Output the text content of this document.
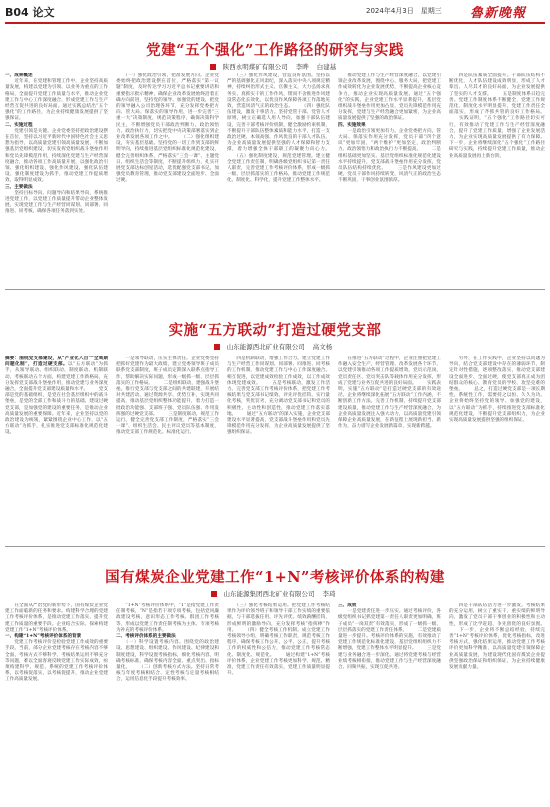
B04 论文	2024年4月3日　星期三 魯新晚報
党建“五个强化”工作路径的研究与实践
陕西永明煤矿有限公司 李晔 白建基
一、成果概述
　　近年来，在党建和管理工作中，企业坚持高质量发展，构建以党建为引领、以业务为重点的工作格局，全面提升党建工作质量与水平，推动企业党建工作与中心工作深度融合，形成党建工作与生产经营互促共进的良好局面。通过实践总结出“五个强化”的工作路径，为企业持续健康发展提供了坚强保证。
二、实施过程
　　党建引领是关键。企业党委坚持把政治建设摆在首位，坚持以习近平新时代中国特色社会主义思想为指导，以高质量党建引领高质量发展，不断加强基层党组织建设，切实发挥党组织战斗堡垒作用和党员先锋模范作用，持续深化党建与生产经营深度融合，推动各项工作高质量开展，以强化政治引领、强化组织建设、强化作风建设、强化队伍建设、强化制度建设为抓手，推动党建工作提质增效，取得明显成效。
三、主要做法
　　坚持目标导向、问题导向和结果导向，系统推进党建工作，以党建工作质量提升带动企业整体发展，实现党建工作与生产经营同谋划、同部署、同推进、同考核，确保各项任务落到实处。
　　（一）强化政治引领，把准发展方向。企业党委始终把政治建设摆在首位，严格落实“第一议题”制度，及时传达学习习近平总书记重要讲话和重要指示批示精神，确保企业改革发展始终沿着正确方向前进，坚持党的领导、加强党的建设，把党的领导融入公司治理各环节，充分发挥党委把方向、管大局、保落实的领导作用，进一步完善“三重一大”决策制度，规范决策程序，确保决策科学民主，不断增强党员干部政治判断力、政治领悟力、政治执行力，切实把党中央决策部署落实到企业改革发展各项工作之中。 　　（二）强化组织建设，夯实基层基础。坚持党的一切工作到支部的鲜明导向，持续推进基层党组织标准化规范化建设，健全完善组织体系，严格落实“三会一课”、主题党日、组织生活会等制度，不断提升组织力，扎实开展党支部达标创星活动，选优配强党支部书记，加强党员教育管理，推动党支部建设全面进步、全面过硬。
　　（三）强化作风建设，营造良好氛围。坚持以严的基调强化正风肃纪，深入落实中央八项规定精神，持续纠治形式主义、官僚主义，大力弘扬求真务实、真抓实干的工作作风，锲而不舍推进作风建设常态化长效化，以优良作风保障各项工作落地见效，营造风清气正的政治生态。 　　（四）强化队伍建设，激发干事活力。坚持党管干部、党管人才原则，树立正确选人用人导向，加强干部队伍建设，完善干部考核评价机制，健全激励约束机制，不断提升干部队伍整体素质和能力水平，打造一支政治过硬、本领高强、作风优良的干部人才队伍，为企业高质量发展提供坚强的人才保障和智力支撑，着力增强全体干部职工的凝聚力向心力。 　　（五）强化制度建设，规范党建管理。建立健全党建工作责任制，明确各级党组织书记第一责任人职责，完善党建工作考核评价体系，形成一级抓一级、层层抓落实的工作格局，推动党建工作规范化、制度化、科学化，提升党建工作整体水平。
　　推动党建工作与生产经营深度融合，以党建引领企业改革发展，围绕中心、服务大局，把党建工作成效转化为企业发展优势，不断提高企业核心竞争力，推动企业实现高质量发展。通过“五个强化”的实践，企业党建工作水平显著提升，基层党组织战斗堡垒作用更加凸显，党员先锋模范作用充分发挥，党建与生产经营融合更加紧密，为企业高质量发展提供了坚强的政治保证。
四、实施效果
　　一是政治引领更加有力。企业党委把方向、管大局、保落实作用充分发挥，党员干部“四个意识”更加牢固，“两个维护”更加坚定，政治判断力、政治领悟力和政治执行力不断提高。 　　二是组织基础更加坚实。基层党组织标准化规范化建设水平持续提升，党支部战斗堡垒作用充分发挥，党员队伍结构持续优化。 　　三是作风建设更加过硬。党员干部作风持续转变，风清气正的政治生态不断巩固，干事创业氛围浓厚。
　　四是队伍素质全面提升。干部队伍结构不断优化，人才队伍建设成效明显，形成了人才辈出、人尽其才的良好局面，为企业发展提供了坚实的人才支撑。 　　五是制度体系日趋完善。党建工作制度体系不断健全，党建工作规范化、制度化水平明显提升，党建工作责任全面落实，形成了齐抓共管的良好工作格局。 　　实践证明，“五个强化”工作路径切实可行，有效推动了党建工作与生产经营深度融合，提升了党建工作质量，增强了企业发展活力，为企业实现高质量发展提供了有力保障。下一步，企业将继续深化“五个强化”工作路径研究与实践，持续提升党建工作质量，推动企业高质量发展再上新台阶。
实施“五方联动”打造过硬党支部
山东能源西北矿业有限公司 高文杨
摘要：围绕党支部建设，从“产业化入目”“全周期问题化制”，打造过硬支部。以“五方联动”为抓手，从领导联动、组织联动、制度联动、机制联动、考核联动五个方面，构建党建工作新格局，充分发挥党支部战斗堡垒作用，推动党建与业务深度融合，全面提升党支部建设质量和水平。 　　党支部是党的基础组织，是党在社会基层组织中的战斗堡垒，是党的全部工作和战斗力的基础。建设过硬党支部，是加强党的建设的重要任务，是推动企业高质量发展的重要保障。近年来，企业坚持以党的政治建设为统领，紧紧围绕企业中心工作，以“五方联动”为抓手，扎实推进党支部标准化规范化建设。
　　一是领导联动，压实主体责任。企业党委坚持把抓好党建作为最大政绩，建立党委领导班子成员联系党支部制度，班子成员定期深入联系点指导工作，帮助解决实际问题，形成一级抓一级、层层抓落实的工作格局。 　　二是组织联动，建强战斗堡垒。推行党支部与党支部之间的共建联建，开展结对共建活动，通过资源共享、优势互补，实现共同提高，推动基层党组织整体功能提升，着力打造一批政治功能强、支部班子强、党员队伍强、作用发挥强的过硬党支部。 　　三是制度联动，规范工作运行。健全完善党支部工作制度，严格落实“三会一课”、组织生活会、民主评议党员等基本制度，推动党支部工作规范化、标准化运行。
　　四是机制联动，增强工作合力。建立党建工作与生产经营工作同谋划、同部署、同推进、同考核的工作机制，推动党建工作与中心工作深度融合、相互促进，以党建成效检验工作成效，以工作成效体现党建成效。 　　五是考核联动，激发工作活力。完善党支部工作考核评价体系，把党建工作考核结果与党支部书记绩效、评先评优挂钩，实行量化考核，奖优罚劣，充分调动党支部书记和党员的积极性、主动性和创造性，推动党建工作落实落地。 　　通过“五方联动”的深入实施，企业党支部建设水平显著提高，党支部战斗堡垒作用和党员先锋模范作用充分发挥，为企业高质量发展提供了坚强组织保证。
　　在推进“五方联动”过程中，企业注重把党建工作融入安全生产、经营管理、改革发展各个环节，以党建引领推动各项工作提质增效，党员示范岗、党员责任区、党员突击队等载体作用充分发挥，形成了党建与业务互促共进的良好局面。 　　实践表明，实施“五方联动”是打造过硬党支部的有效途径。企业将继续深化拓展“五方联动”工作内涵，不断创新工作方法，完善工作机制，持续提升党支部建设质量，推动党建工作与生产经营深度融合，为企业高质量发展注入强大动力，以高质量党建引领保障企业高质量发展，在新征程上展现新担当、新作为，奋力谱写企业发展新篇章，实现新跨越。
　　另外，在工作实践中，企业坚持以问题为导向，结合党支部建设中存在的薄弱环节，制定针对性措施，逐项整改落实，推动党支部建设全面进步、全面过硬，使党支部真正成为团结群众的核心、教育党员的学校、攻坚克难的堡垒。 　　总之，打造过硬党支部是一项长期性、系统性工作，需要持之以恒、久久为功。企业将始终坚持党的领导、加强党的建设，以“五方联动”为抓手，持续推进党支部标准化规范化建设，不断提升党支部组织力，为企业实现高质量发展提供坚强的组织保证。
国有煤炭企业党建工作“1+N”考核评价体系的构建
山东能源集团西北矿业有限公司 李琦
　　在全面从严治党的新形势下，国有煤炭企业党建工作面临新的任务和要求。构建科学合理的党建工作考核评价体系，是推动党建工作落实、提升党建工作质量的重要手段。企业结合实际，探索构建党建工作“1+N”考核评价体系。
一、构建“1+N”考核评价体系的背景
　　党建工作考核评价是检验党建工作成效的重要手段。当前，部分企业党建考核存在考核内容不够全面、考核方式不够科学、考核结果运用不够充分等问题，难以全面客观反映党建工作实际成效，亟须构建科学、规范、系统的党建工作考核评价体系，以考核促落实、以考核促提升，推动企业党建工作高质量发展。
　　“1+N”考核评价体系中，“1”是指党建工作责任制考核，“N”是指若干项专项考核，包括党风廉政建设考核、意识形态工作考核、群团工作考核等，形成以党建工作责任制考核为主体、专项考核为补充的考核评价体系。
二、考核评价体系的主要做法
　　（一）科学设置考核内容。围绕党的政治建设、思想建设、组织建设、作风建设、纪律建设和制度建设，科学设置考核指标，细化考核内容，明确考核标准，确保考核内容全面、重点突出、指标量化。 　　（二）创新考核方式方法。坚持日常考核与年度考核相结合、定性考核与定量考核相结合，运用信息化手段提升考核效率。
　　（三）强化考核结果运用。把党建工作考核结果作为评价领导班子和领导干部工作实绩的重要依据，与干部选拔任用、评先评优、绩效薪酬挂钩，形成鲜明的激励导向，充分发挥考核“指挥棒”作用。 　　（四）健全考核工作机制。成立党建工作考核领导小组，明确考核工作职责，规范考核工作程序，确保考核工作公开、公平、公正，提升考核工作的权威性和公信力，推动党建工作考核常态化、制度化、规范化。 　　通过构建“1+N”考核评价体系，企业党建工作考核更加科学、规范、精准，党建工作责任有效落实，党建工作质量明显提升。
三、成效
　　一是党建责任进一步压实。通过考核评价，各级党组织书记抓党建第一责任人职责更加明确，班子成员“一岗双责”有效落实，形成了一级抓一级、层层抓落实的党建工作责任体系。 　　二是党建质量进一步提升。考核评价体系的实施，有效推动了党建工作规范化标准化建设，基层党组织组织力不断增强，党建工作整体水平明显提升。 　　三是党建与业务融合进一步深化。通过将党建考核与经营业绩考核相衔接，推动党建工作与生产经营深度融合、同频共振，实现互促共进。
　　四是干部队伍活力进一步激发。考核结果的充分运用，树立了重实干、重实绩的鲜明导向，激发了党员干部干事创业的积极性和主动性，形成了比学赶超、争先创优的良好氛围。 　　下一步，企业将不断总结经验，持续完善“1+N”考核评价体系，优化考核指标，改进考核方式，强化结果运用，推动党建工作考核评价更加科学精准，以高质量党建引领保障企业高质量发展，为建设现代化国有煤炭企业提供坚强政治保证和组织保证，为企业持续健康发展贡献力量。
